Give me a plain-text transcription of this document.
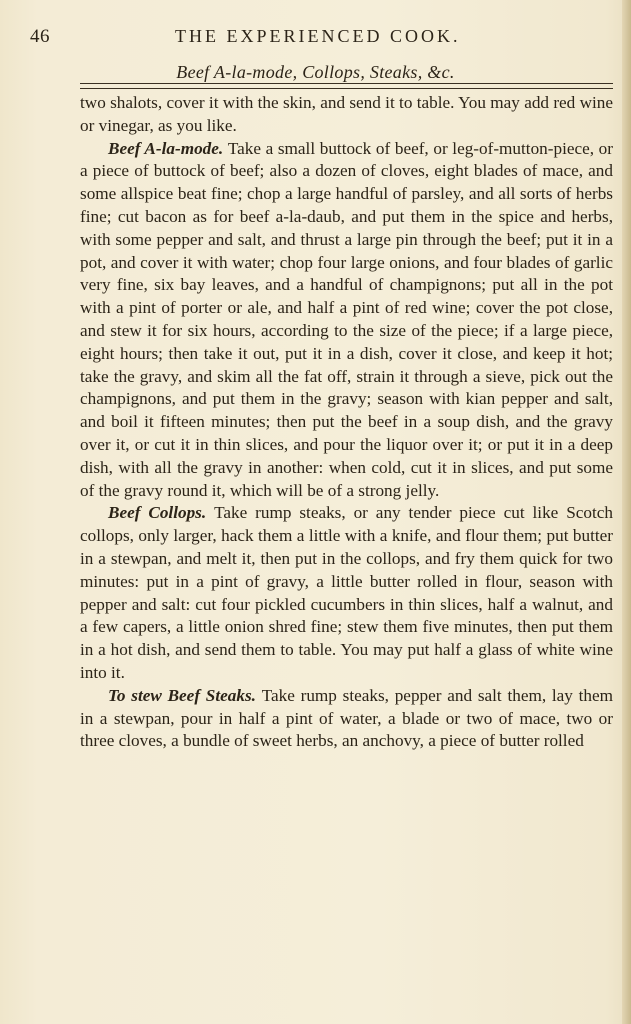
46	THE EXPERIENCED COOK.
Beef A-la-mode, Collops, Steaks, &c.

two shalots, cover it with the skin, and send it to table. You may add red wine or vinegar, as you like.

Beef A-la-mode. Take a small buttock of beef, or leg-of-mutton-piece, or a piece of buttock of beef; also a dozen of cloves, eight blades of mace, and some allspice beat fine; chop a large handful of parsley, and all sorts of herbs fine; cut bacon as for beef a-la-daub, and put them in the spice and herbs, with some pepper and salt, and thrust a large pin through the beef; put it in a pot, and cover it with water; chop four large onions, and four blades of garlic very fine, six bay leaves, and a handful of champignons; put all in the pot with a pint of porter or ale, and half a pint of red wine; cover the pot close, and stew it for six hours, according to the size of the piece; if a large piece, eight hours; then take it out, put it in a dish, cover it close, and keep it hot; take the gravy, and skim all the fat off, strain it through a sieve, pick out the champignons, and put them in the gravy; season with kian pepper and salt, and boil it fifteen minutes; then put the beef in a soup dish, and the gravy over it, or cut it in thin slices, and pour the liquor over it; or put it in a deep dish, with all the gravy in another: when cold, cut it in slices, and put some of the gravy round it, which will be of a strong jelly.

Beef Collops. Take rump steaks, or any tender piece cut like Scotch collops, only larger, hack them a little with a knife, and flour them; put butter in a stewpan, and melt it, then put in the collops, and fry them quick for two minutes: put in a pint of gravy, a little butter rolled in flour, season with pepper and salt: cut four pickled cucumbers in thin slices, half a walnut, and a few capers, a little onion shred fine; stew them five minutes, then put them in a hot dish, and send them to table. You may put half a glass of white wine into it.

To stew Beef Steaks. Take rump steaks, pepper and salt them, lay them in a stewpan, pour in half a pint of water, a blade or two of mace, two or three cloves, a bundle of sweet herbs, an anchovy, a piece of butter rolled
